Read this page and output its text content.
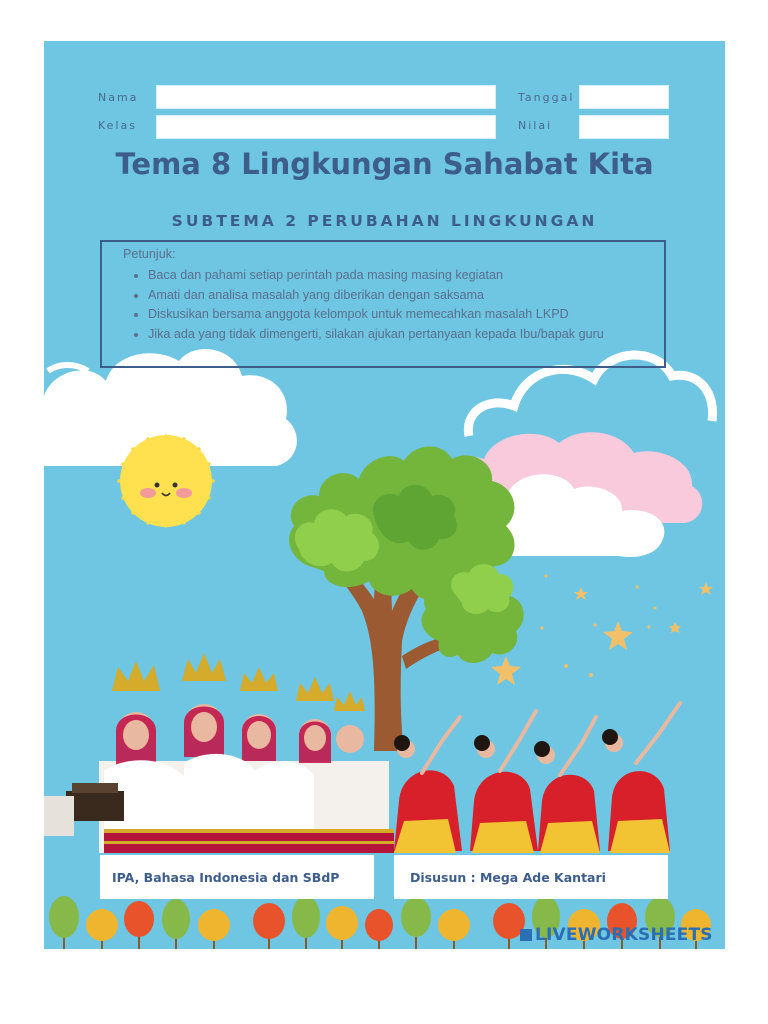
Nama
Kelas
Tanggal
Nilai
Tema 8 Lingkungan Sahabat Kita
SUBTEMA 2 PERUBAHAN LINGKUNGAN
Petunjuk:
• Baca dan pahami setiap perintah pada masing masing kegiatan
• Amati dan analisa masalah yang diberikan dengan saksama
• Diskusikan bersama anggota kelompok untuk memecahkan masalah LKPD
• Jika ada yang tidak dimengerti, silakan ajukan pertanyaan kepada Ibu/bapak guru
IPA, Bahasa Indonesia dan SBdP	Disusun : Mega Ade Kantari
LIVEWORKSHEETS
